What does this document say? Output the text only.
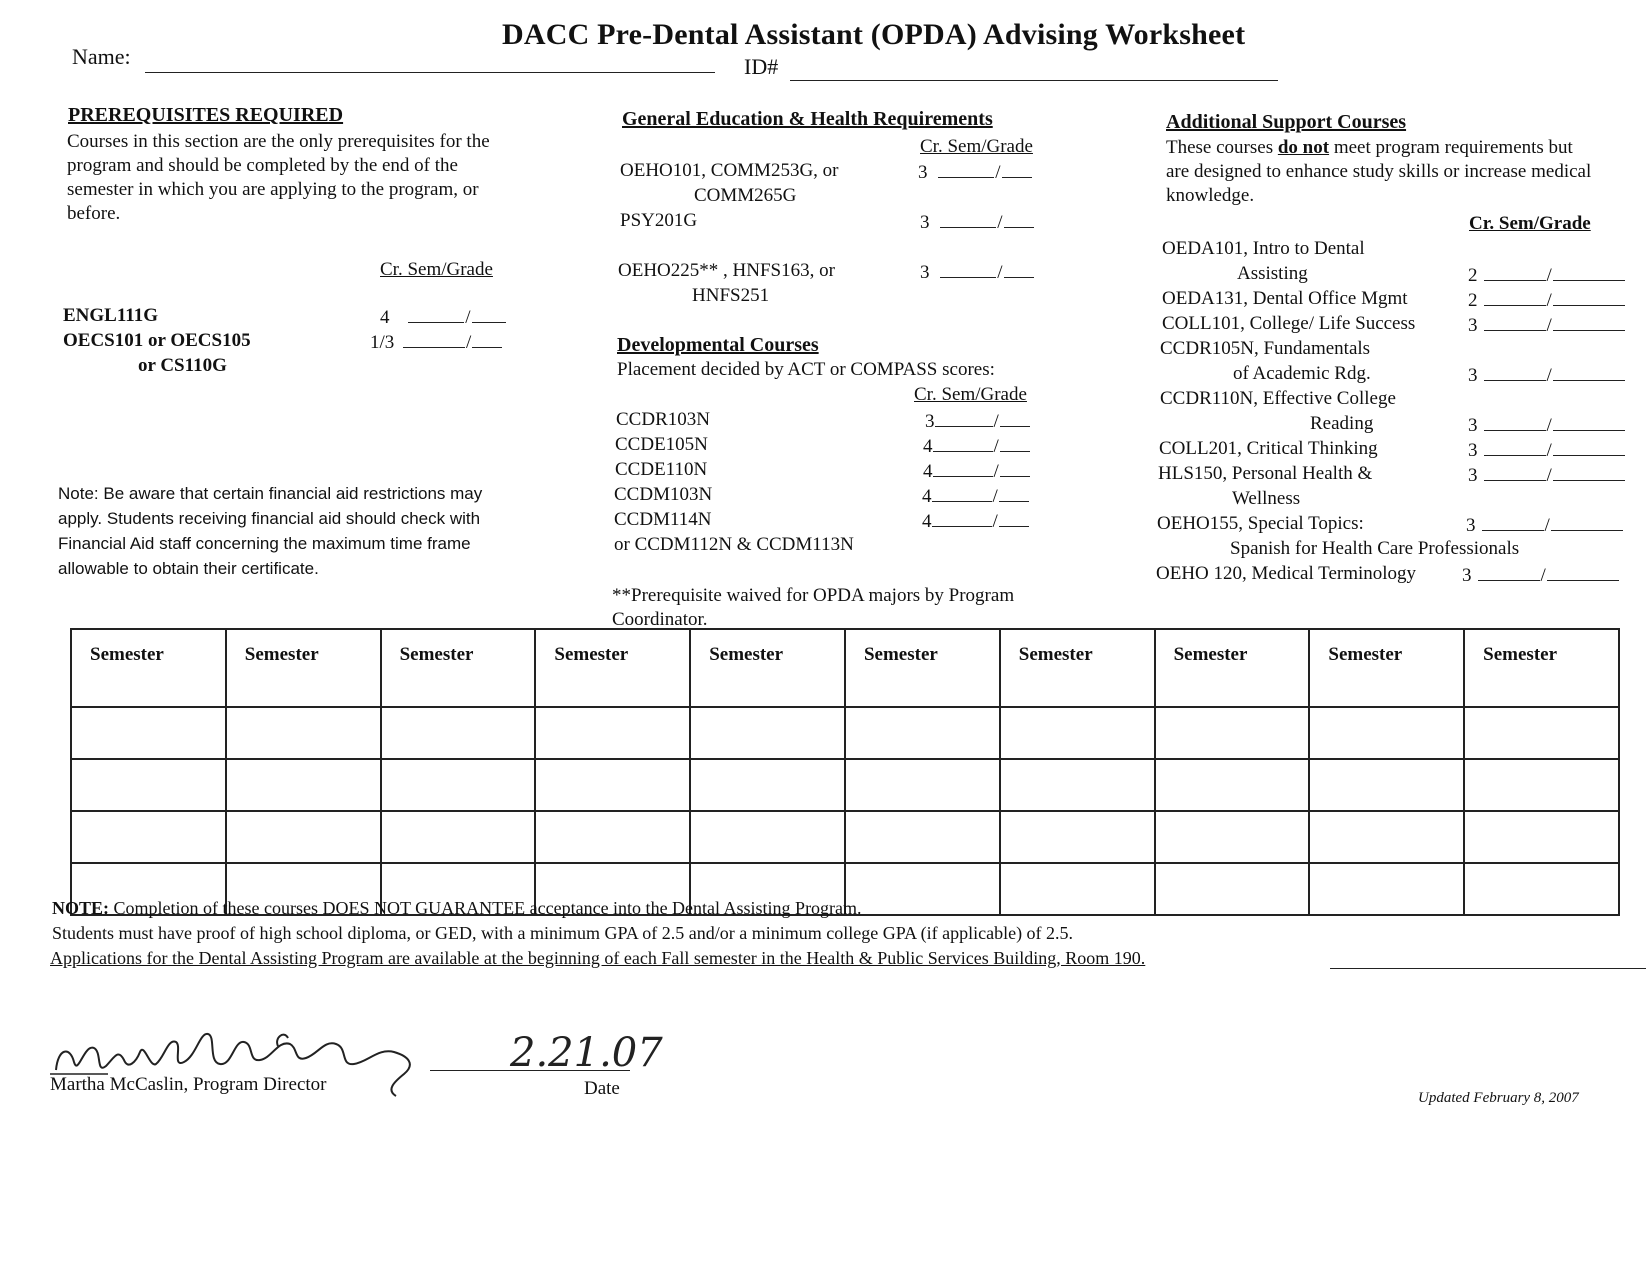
DACC Pre-Dental Assistant (OPDA) Advising Worksheet
Name:	ID#
PREREQUISITES REQUIRED
Courses in this section are the only prerequisites for the
program and should be completed by the end of the
semester in which you are applying to the program, or
before.
Cr. Sem/Grade
ENGL111G	4	/
OECS101 or OECS105	1/3	/
or CS110G
Note: Be aware that certain financial aid restrictions may
apply. Students receiving financial aid should check with
Financial Aid staff concerning the maximum time frame
allowable to obtain their certificate.
General Education & Health Requirements
Cr. Sem/Grade
OEHO101, COMM253G, or
COMM265G
3	/
PSY201G	3	/
OEHO225** , HNFS163, or
HNFS251
3	/
Developmental Courses
Placement decided by ACT or COMPASS scores:
Cr. Sem/Grade
CCDR103N	3	/
CCDE105N	4	/
CCDE110N	4	/
CCDM103N	4	/
CCDM114N	4	/
or CCDM112N & CCDM113N
**Prerequisite waived for OPDA majors by Program
Coordinator.
Additional Support Courses
These courses do not meet program requirements but
are designed to enhance study skills or increase medical
knowledge.
Cr. Sem/Grade
OEDA101, Intro to Dental
Assisting	2	/
OEDA131, Dental Office Mgmt	2	/
COLL101, College/ Life Success	3	/
CCDR105N, Fundamentals
of Academic Rdg.	3	/
CCDR110N, Effective College
Reading	3	/
COLL201, Critical Thinking	3	/
HLS150, Personal Health &
Wellness
3	/
OEHO155, Special Topics:
Spanish for Health Care Professionals
3	/
OEHO 120, Medical Terminology 3	/
Semester	Semester	Semester	Semester	Semester	Semester	Semester	Semester	Semester	Semester

NOTE: Completion of these courses DOES NOT GUARANTEE acceptance into the Dental Assisting Program.
Students must have proof of high school diploma, or GED, with a minimum GPA of 2.5 and/or a minimum college GPA (if applicable) of 2.5.
Applications for the Dental Assisting Program are available at the beginning of each Fall semester in the Health & Public Services Building, Room 190.
2.21.07
Martha McCaslin, Program Director	Date	Updated February 8, 2007
